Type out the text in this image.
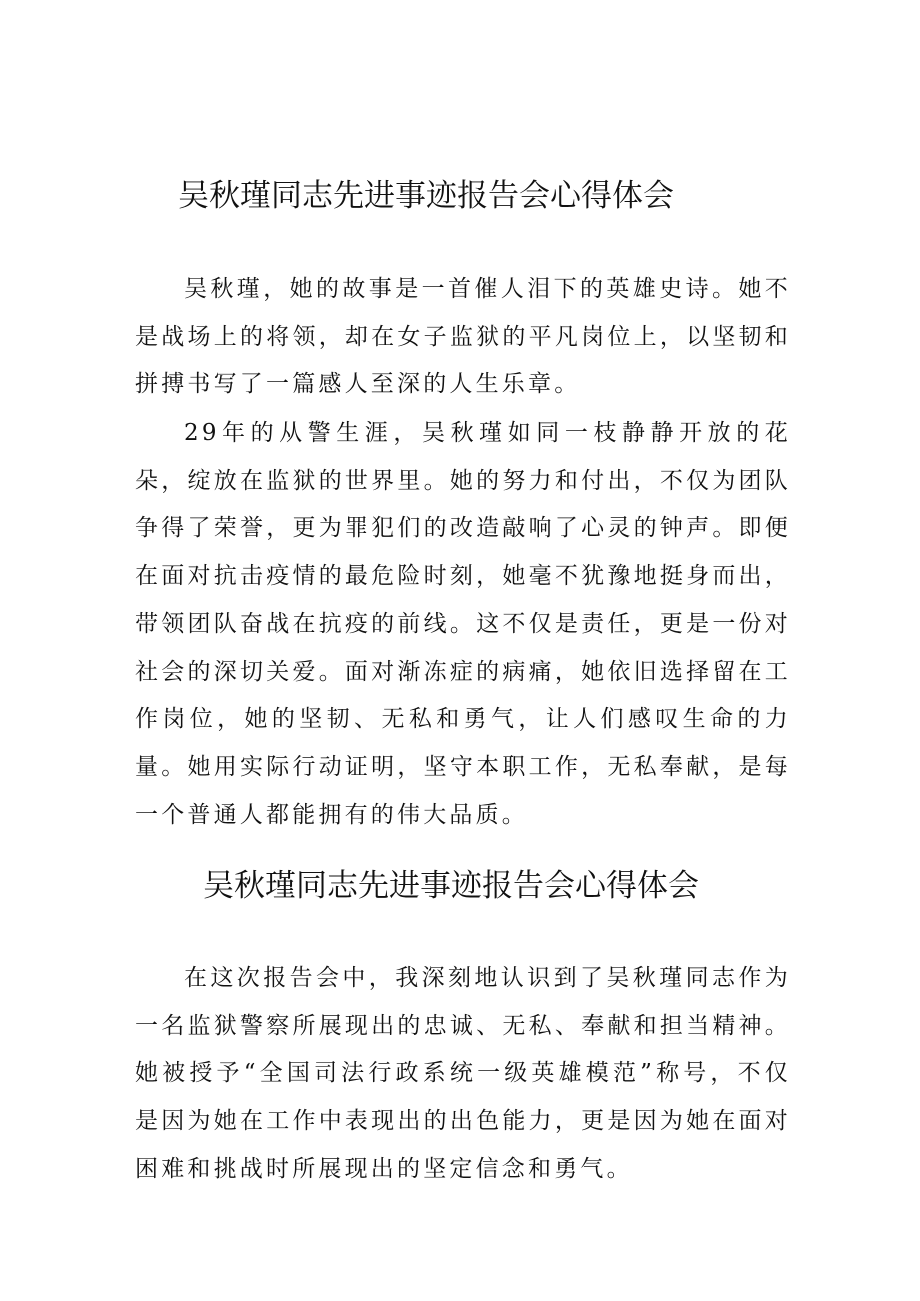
吴秋瑾同志先进事迹报告会心得体会

吴秋瑾，她的故事是一首催人泪下的英雄史诗。她不是战场上的将领，却在女子监狱的平凡岗位上，以坚韧和拼搏书写了一篇感人至深的人生乐章。

29年的从警生涯，吴秋瑾如同一枝静静开放的花朵，绽放在监狱的世界里。她的努力和付出，不仅为团队争得了荣誉，更为罪犯们的改造敲响了心灵的钟声。即便在面对抗击疫情的最危险时刻，她毫不犹豫地挺身而出，带领团队奋战在抗疫的前线。这不仅是责任，更是一份对社会的深切关爱。面对渐冻症的病痛，她依旧选择留在工作岗位，她的坚韧、无私和勇气，让人们感叹生命的力量。她用实际行动证明，坚守本职工作，无私奉献，是每一个普通人都能拥有的伟大品质。

吴秋瑾同志先进事迹报告会心得体会

在这次报告会中，我深刻地认识到了吴秋瑾同志作为一名监狱警察所展现出的忠诚、无私、奉献和担当精神。她被授予“全国司法行政系统一级英雄模范”称号，不仅是因为她在工作中表现出的出色能力，更是因为她在面对困难和挑战时所展现出的坚定信念和勇气。
